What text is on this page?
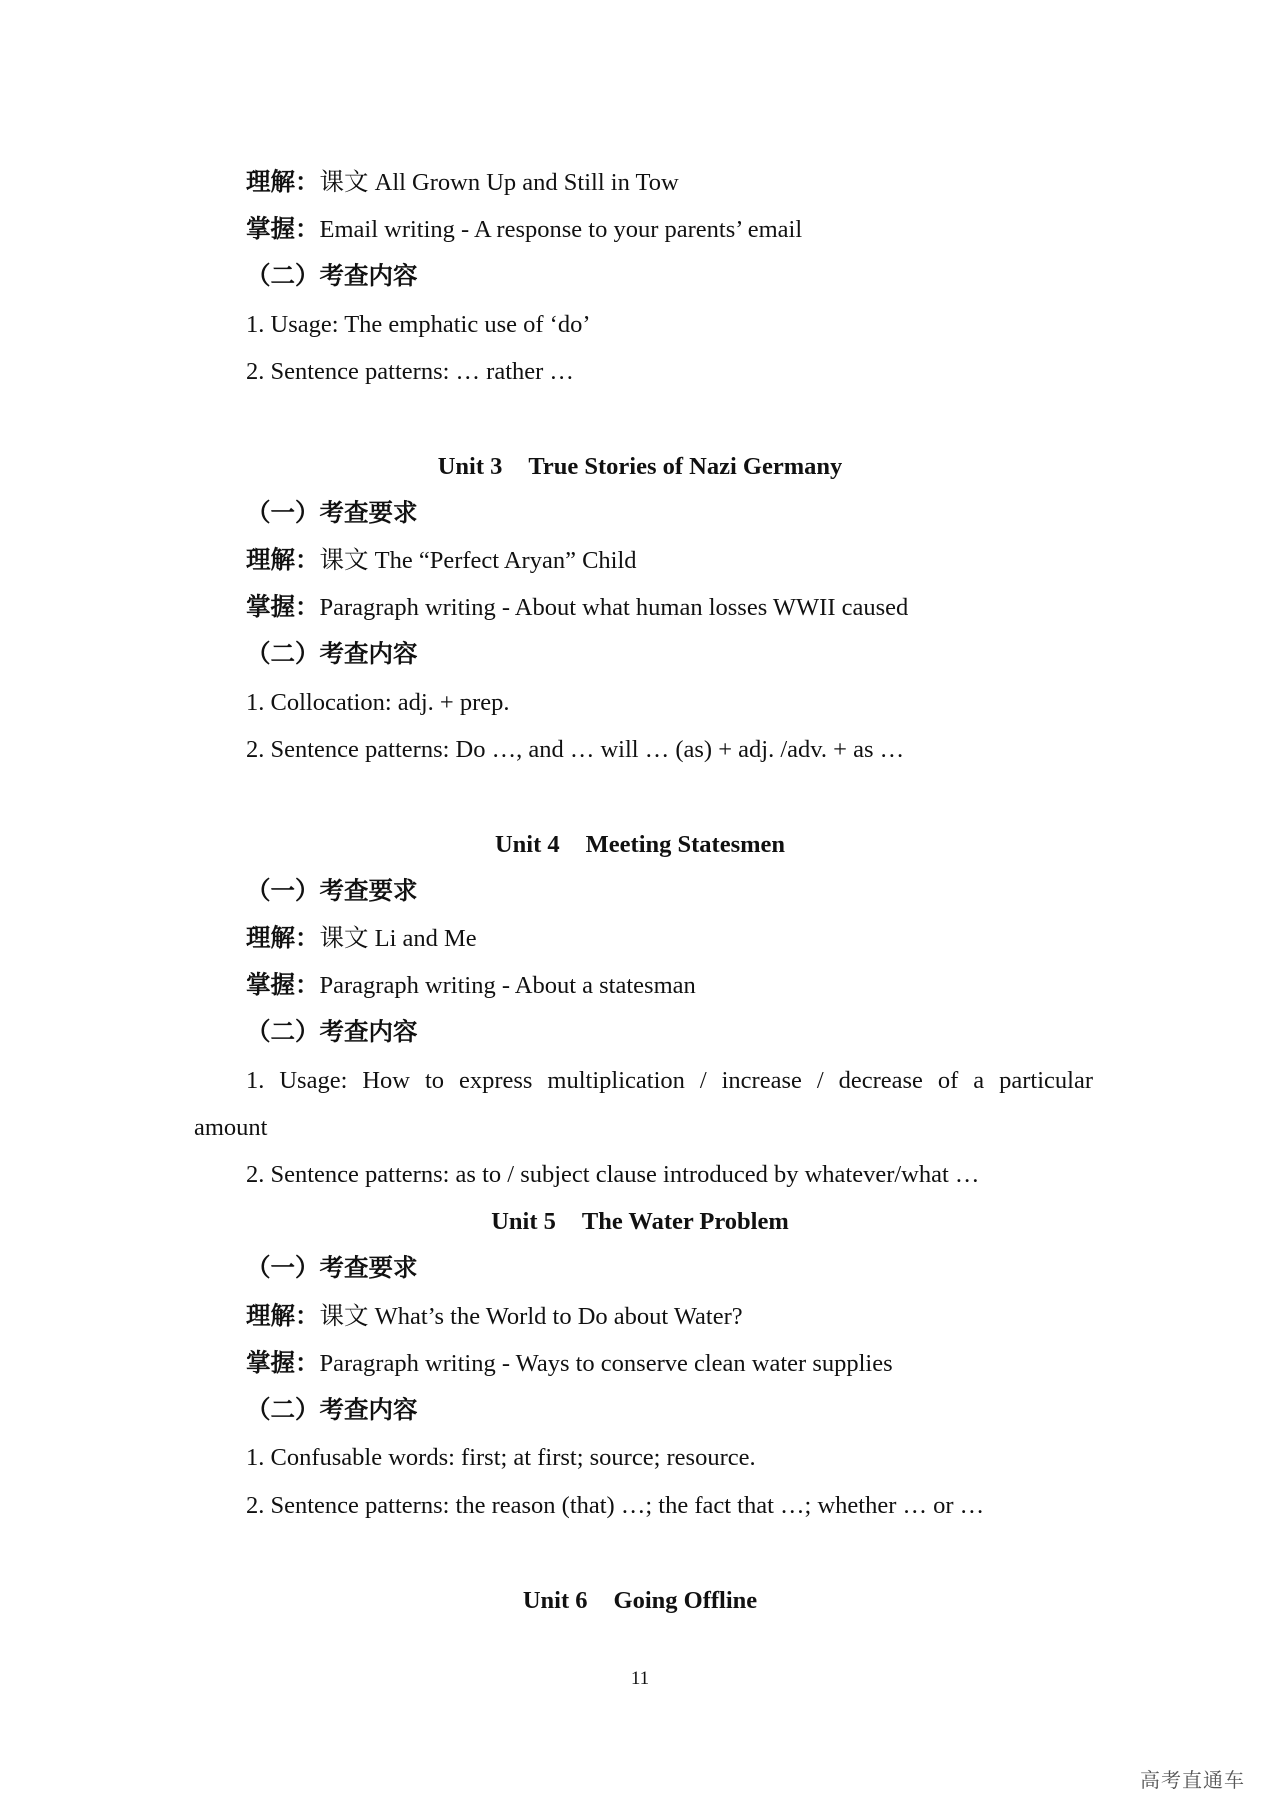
理解：课文 All Grown Up and Still in Tow
掌握：Email writing - A response to your parents’ email
（二）考查内容
1. Usage: The emphatic use of ‘do’
2. Sentence patterns: … rather …
Unit 3 True Stories of Nazi Germany
（一）考查要求
理解：课文 The “Perfect Aryan” Child
掌握：Paragraph writing - About what human losses WWII caused
（二）考查内容
1. Collocation: adj. + prep.
2. Sentence patterns: Do …, and … will … (as) + adj. /adv. + as …
Unit 4 Meeting Statesmen
（一）考查要求
理解：课文 Li and Me
掌握：Paragraph writing - About a statesman
（二）考查内容
1. Usage: How to express multiplication / increase / decrease of a particular
amount
2. Sentence patterns: as to / subject clause introduced by whatever/what …
Unit 5 The Water Problem
（一）考查要求
理解：课文 What’s the World to Do about Water?
掌握：Paragraph writing - Ways to conserve clean water supplies
（二）考查内容
1. Confusable words: first; at first; source; resource.
2. Sentence patterns: the reason (that) …; the fact that …; whether … or …
Unit 6 Going Offline
11
高考直通车
